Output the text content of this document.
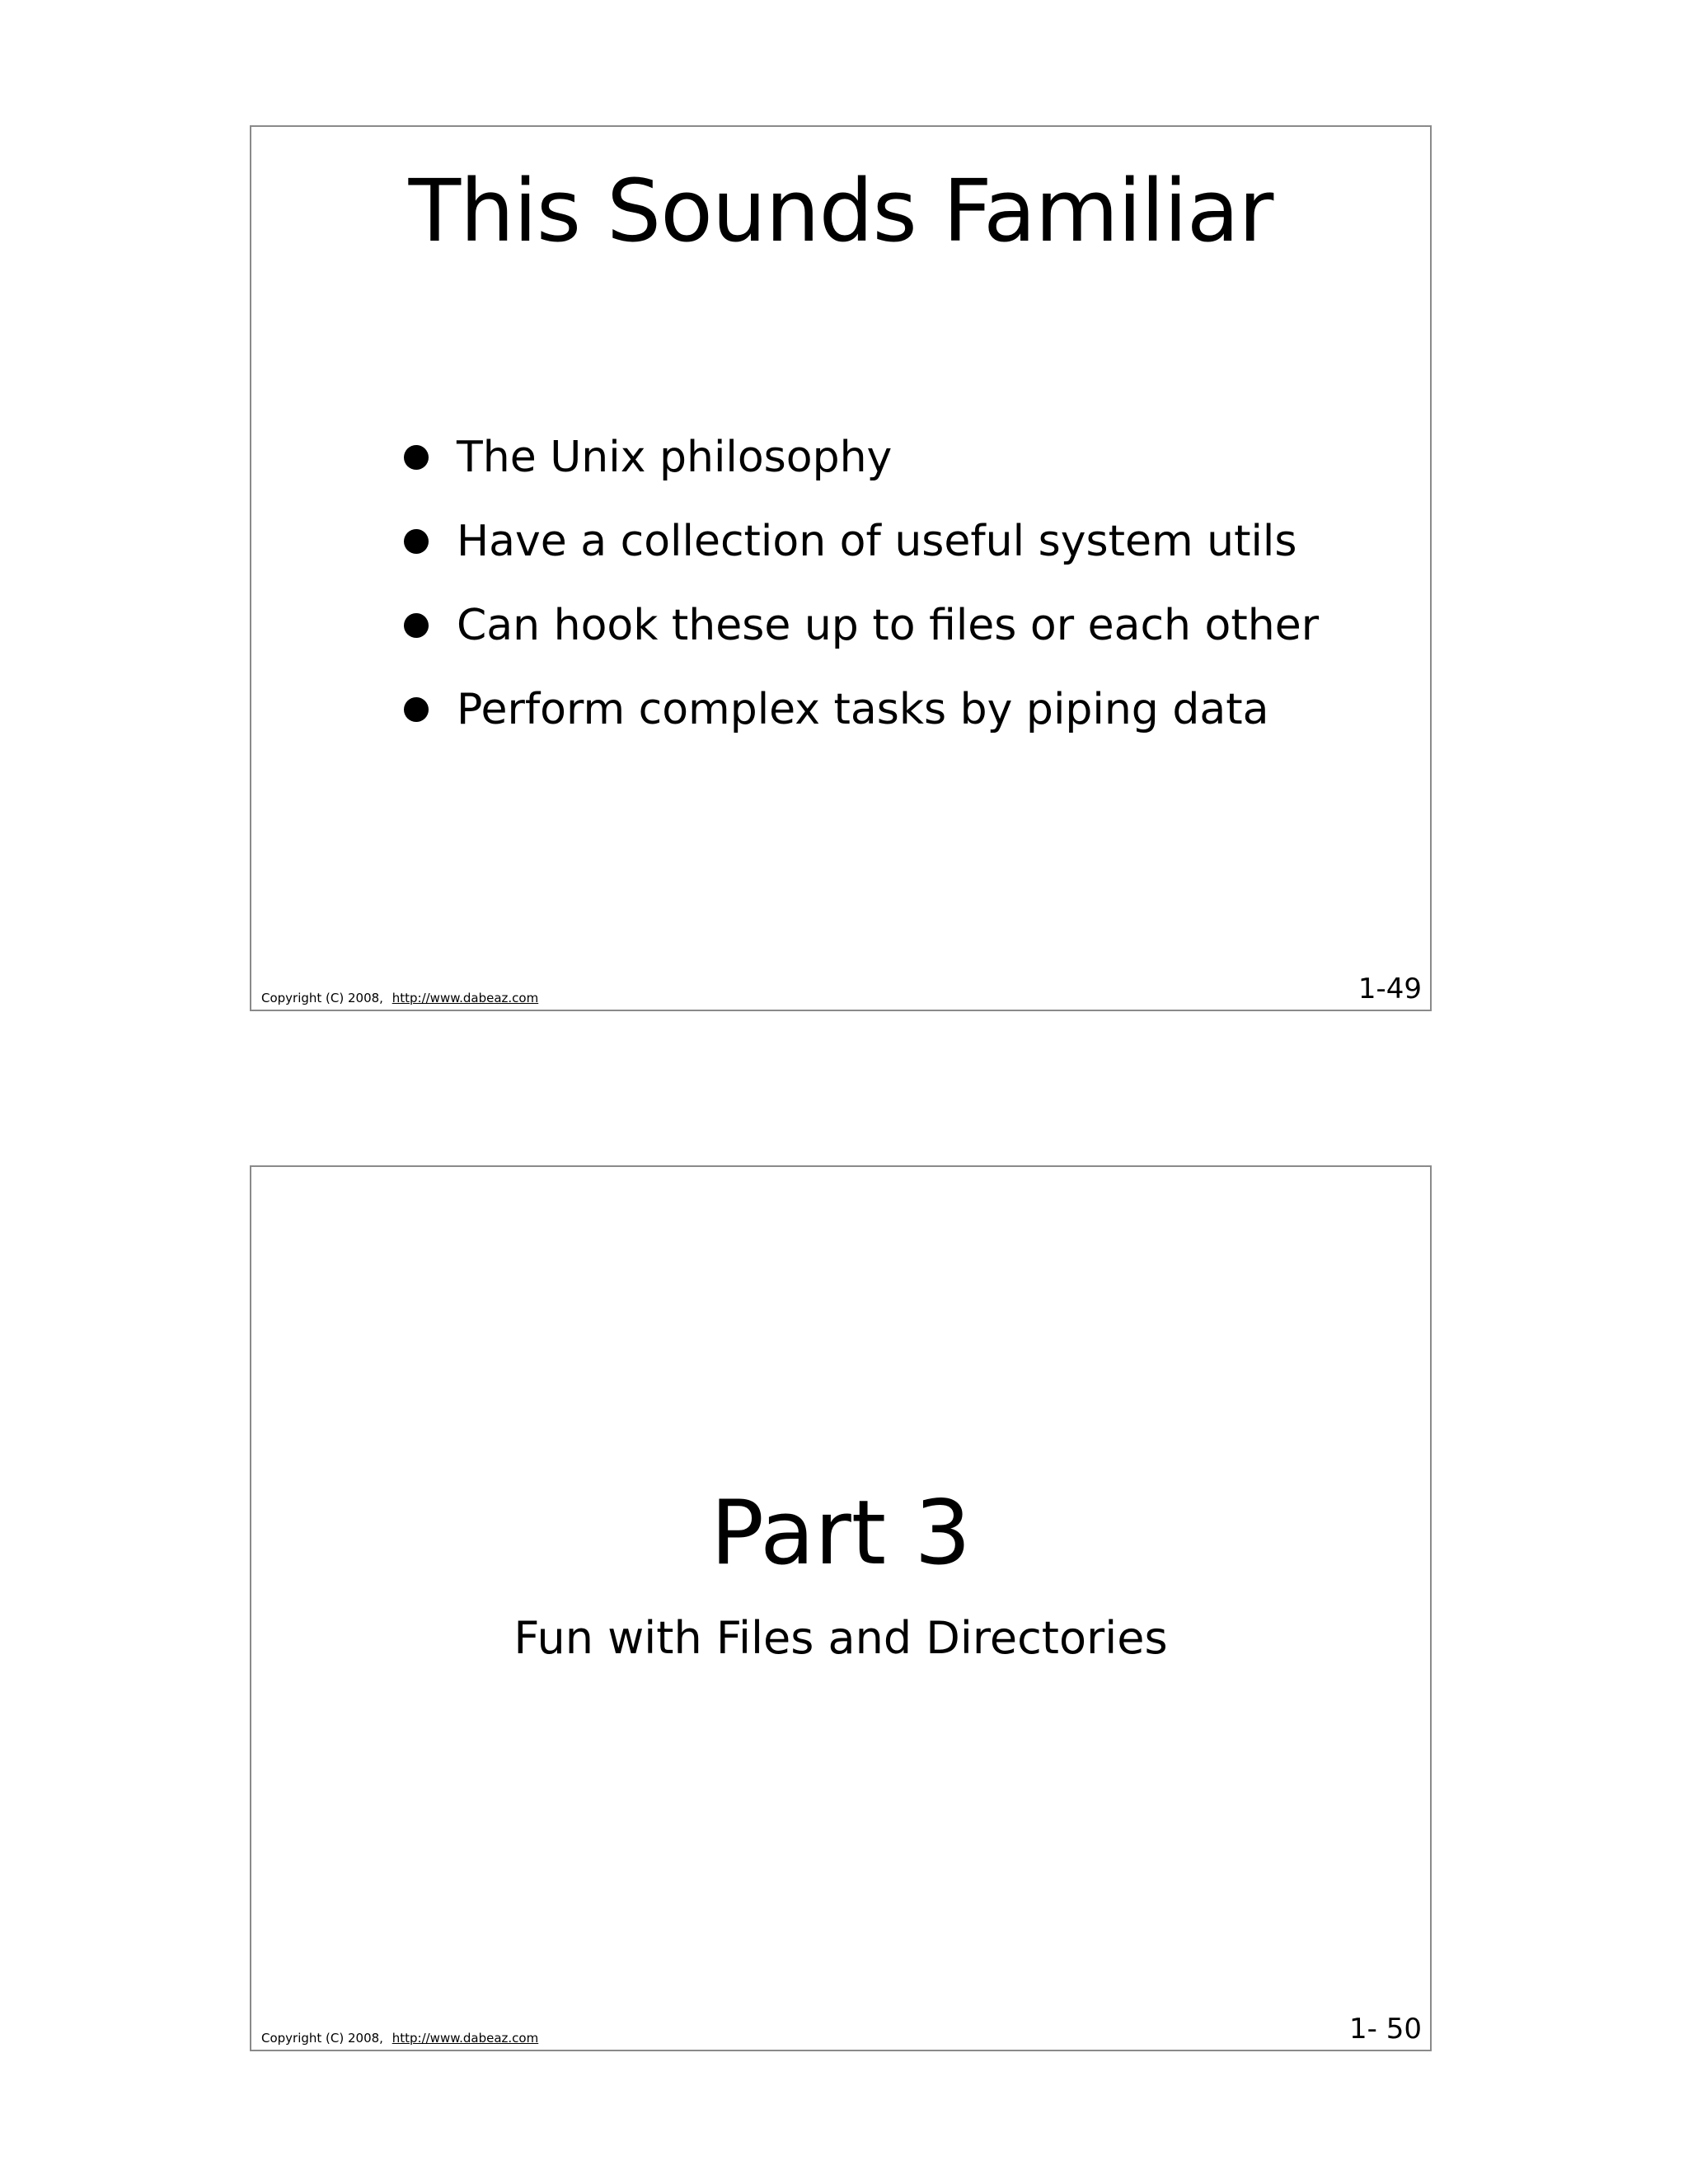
This Sounds Familiar
The Unix philosophy
Have a collection of useful system utils
Can hook these up to files or each other
Perform complex tasks by piping data
Copyright (C) 2008, http://www.dabeaz.com	1-49
Part 3
Fun with Files and Directories
Copyright (C) 2008, http://www.dabeaz.com	1- 50
